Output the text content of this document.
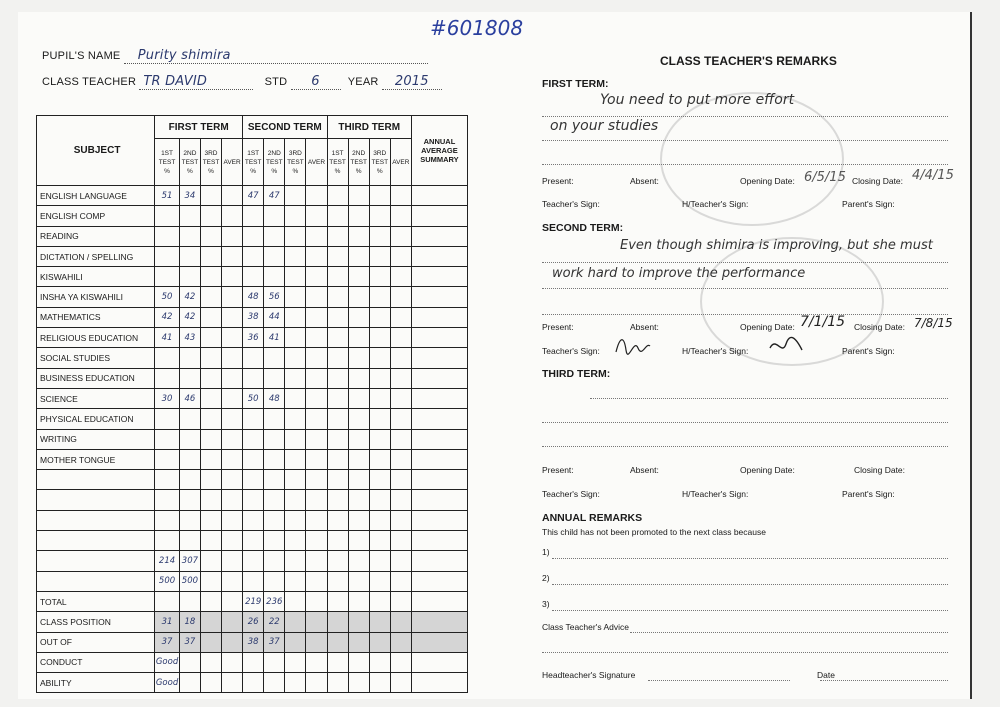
PUPIL'S NAME Purity shimira
CLASS TEACHER TR DAVID	STD 6	YEAR 2015
SUBJECT	FIRST TERM				SECOND TERM				THIRD TERM				ANNUAL AVERAGE SUMMARY
	1ST TEST %	2ND TEST %	3RD TEST %	AVER	1ST TEST %	2ND TEST %	3RD TEST %	AVER	1ST TEST %	2ND TEST %	3RD TEST %	AVER	
ENGLISH LANGUAGE	51	34			47	47							
ENGLISH COMP													
READING													
DICTATION / SPELLING													
KISWAHILI													
INSHA YA KISWAHILI	50	42			48	56							
MATHEMATICS	42	42			38	44							
RELIGIOUS EDUCATION	41	43			36	41							
SOCIAL STUDIES													
BUSINESS EDUCATION													
SCIENCE	30	46			50	48							
PHYSICAL EDUCATION													
WRITING													
MOTHER TONGUE													

	214	307											
	500	500											
TOTAL					219	236							
CLASS POSITION	31	18			26	22							
OUT OF	37	37			38	37							
CONDUCT	Good												
ABILITY	Good												
#601808
CLASS TEACHER'S REMARKS
FIRST TERM:
You need to put more effort
on your studies
Present:	Absent:	Opening Date: 6/5/15 Closing Date: 4/4/15
Teacher's Sign:	H/Teacher's Sign:	Parent's Sign:
SECOND TERM:
Even though shimira is improving, but she must
work hard to improve the performance
Present:	Absent:	Opening Date: 7/1/15 Closing Date: 7/8/15
Teacher's Sign:	H/Teacher's Sign:	Parent's Sign:
THIRD TERM:
Present:	Absent:	Opening Date:	Closing Date:
Teacher's Sign:	H/Teacher's Sign:	Parent's Sign:
ANNUAL REMARKS
This child has not been promoted to the next class because
1)
2)
3)
Class Teacher's Advice
Headteacher's Signature	Date
